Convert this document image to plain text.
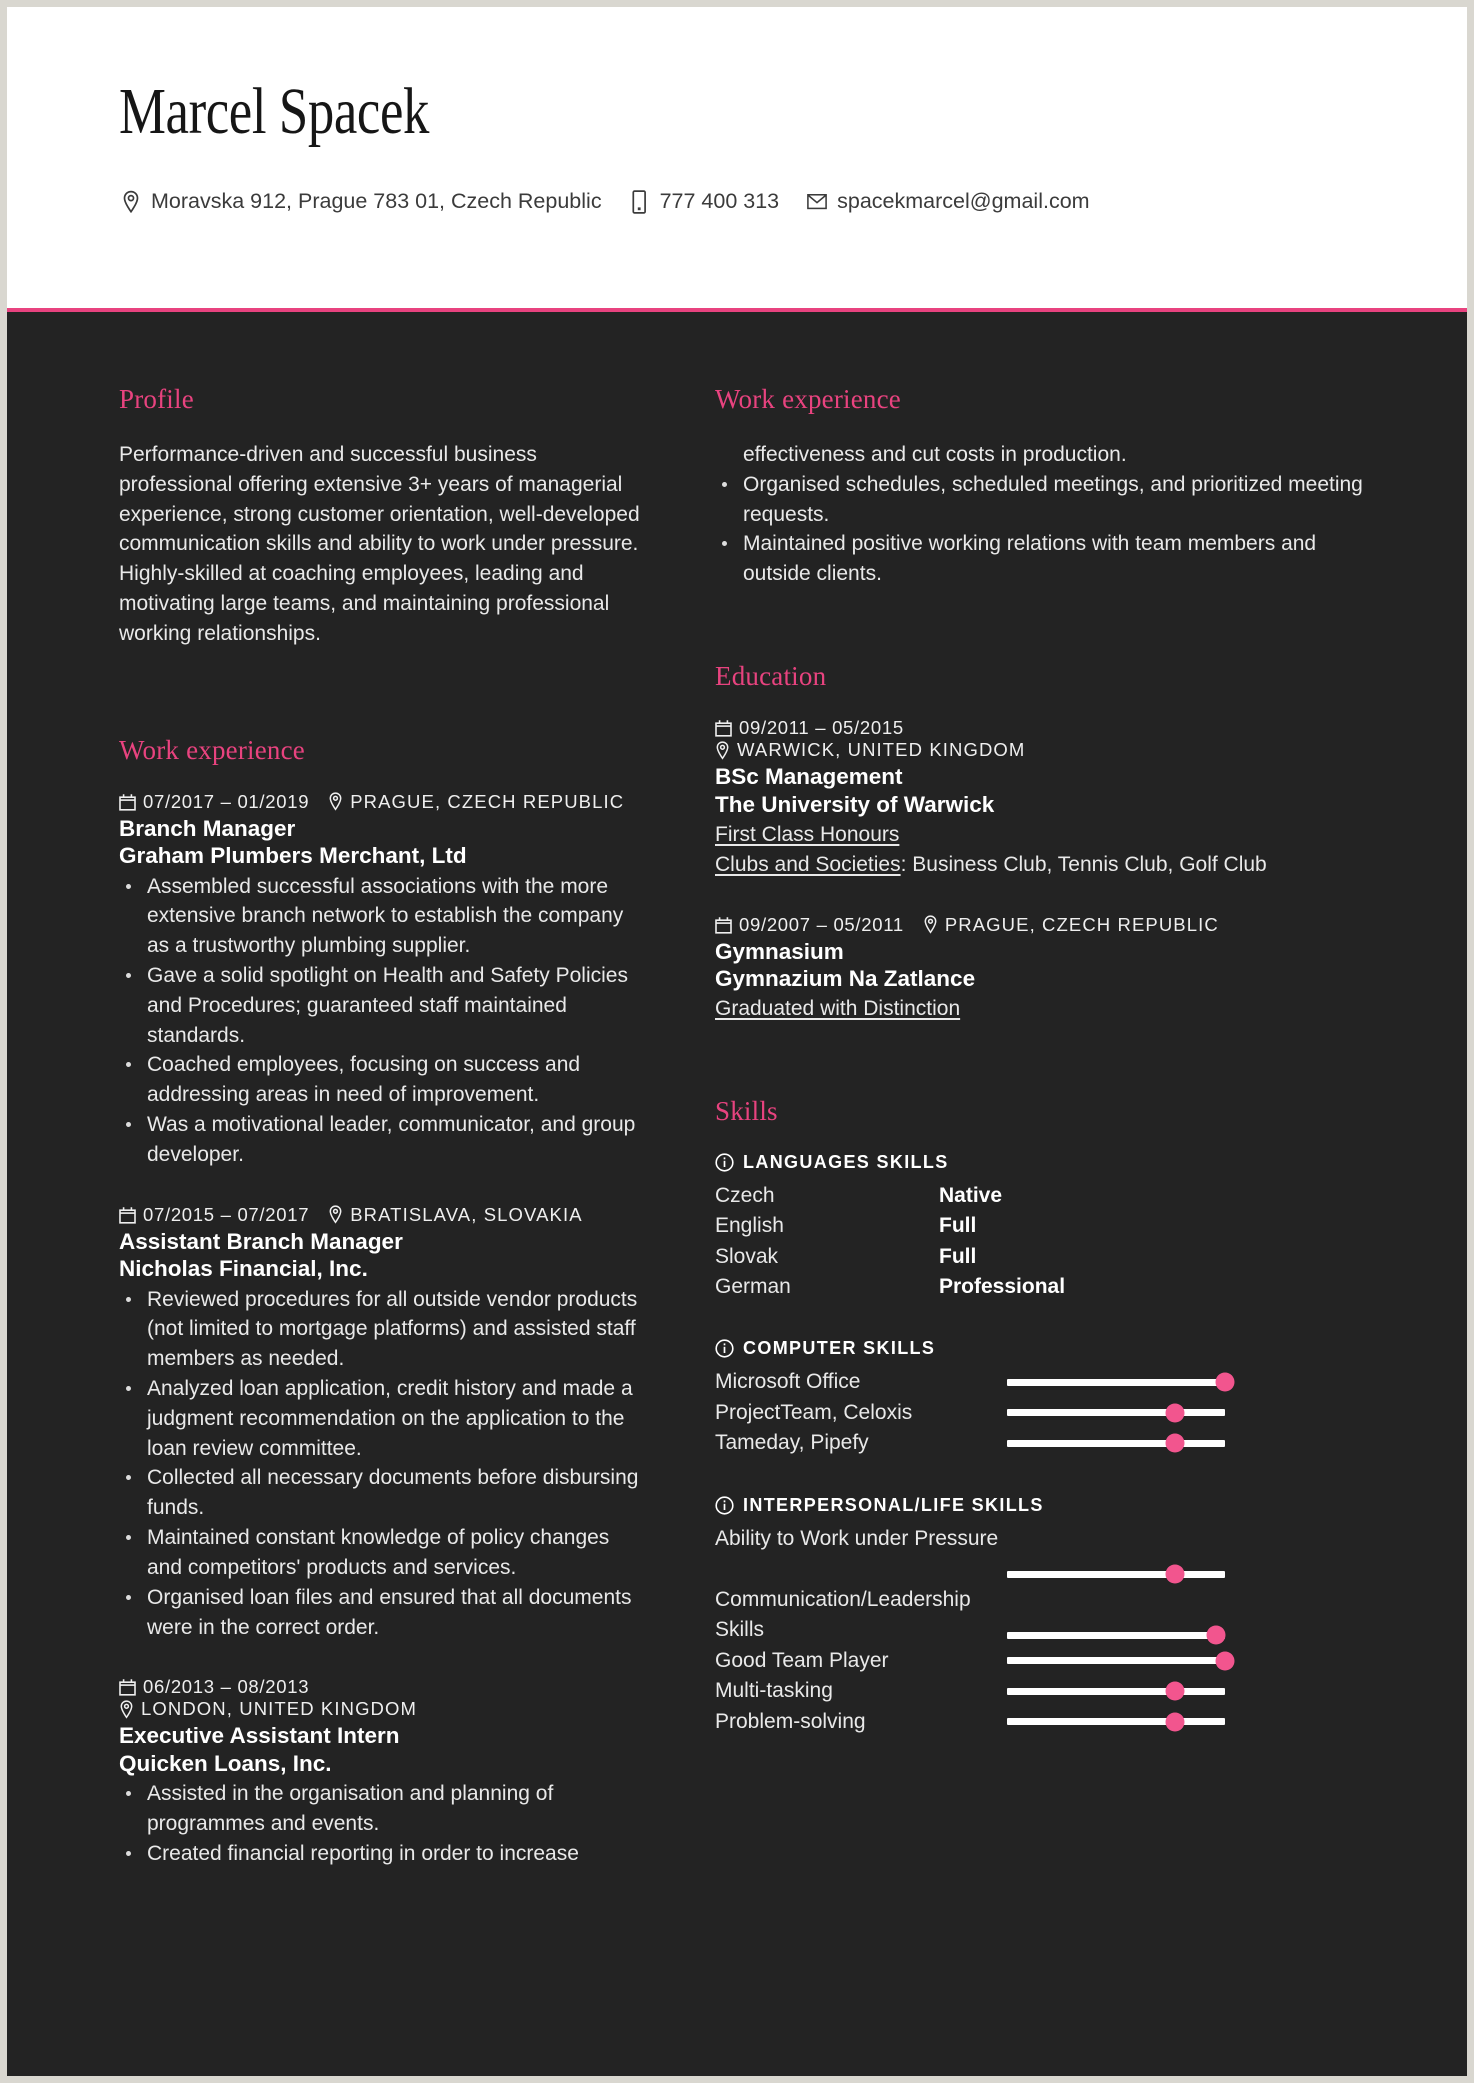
Marcel Spacek
Moravska 912, Prague 783 01, Czech Republic	777 400 313	spacekmarcel@gmail.com
Profile
Performance-driven and successful business professional offering extensive 3+ years of managerial experience, strong customer orientation, well-developed communication skills and ability to work under pressure.
Highly-skilled at coaching employees, leading and motivating large teams, and maintaining professional working relationships.
Work experience
07/2017 – 01/2019 PRAGUE, CZECH REPUBLIC
Branch Manager
Graham Plumbers Merchant, Ltd
Assembled successful associations with the more extensive branch network to establish the company as a trustworthy plumbing supplier.
Gave a solid spotlight on Health and Safety Policies and Procedures; guaranteed staff maintained standards.
Coached employees, focusing on success and addressing areas in need of improvement.
Was a motivational leader, communicator, and group developer.
07/2015 – 07/2017 BRATISLAVA, SLOVAKIA
Assistant Branch Manager
Nicholas Financial, Inc.
Reviewed procedures for all outside vendor products (not limited to mortgage platforms) and assisted staff members as needed.
Analyzed loan application, credit history and made a judgment recommendation on the application to the loan review committee.
Collected all necessary documents before disbursing funds.
Maintained constant knowledge of policy changes and competitors' products and services.
Organised loan files and ensured that all documents were in the correct order.
06/2013 – 08/2013
LONDON, UNITED KINGDOM
Executive Assistant Intern
Quicken Loans, Inc.
Assisted in the organisation and planning of programmes and events.
Created financial reporting in order to increase
Work experience
effectiveness and cut costs in production.
Organised schedules, scheduled meetings, and prioritized meeting requests.
Maintained positive working relations with team members and outside clients.
Education
09/2011 – 05/2015
WARWICK, UNITED KINGDOM
BSc Management
The University of Warwick
First Class Honours
Clubs and Societies: Business Club, Tennis Club, Golf Club
09/2007 – 05/2011 PRAGUE, CZECH REPUBLIC
Gymnasium
Gymnazium Na Zatlance
Graduated with Distinction
Skills
LANGUAGES SKILLS
Czech	Native
English	Full
Slovak	Full
German	Professional
COMPUTER SKILLS
Microsoft Office
ProjectTeam, Celoxis
Tameday, Pipefy
INTERPERSONAL/LIFE SKILLS
Ability to Work under Pressure
Communication/Leadership Skills
Good Team Player
Multi-tasking
Problem-solving
